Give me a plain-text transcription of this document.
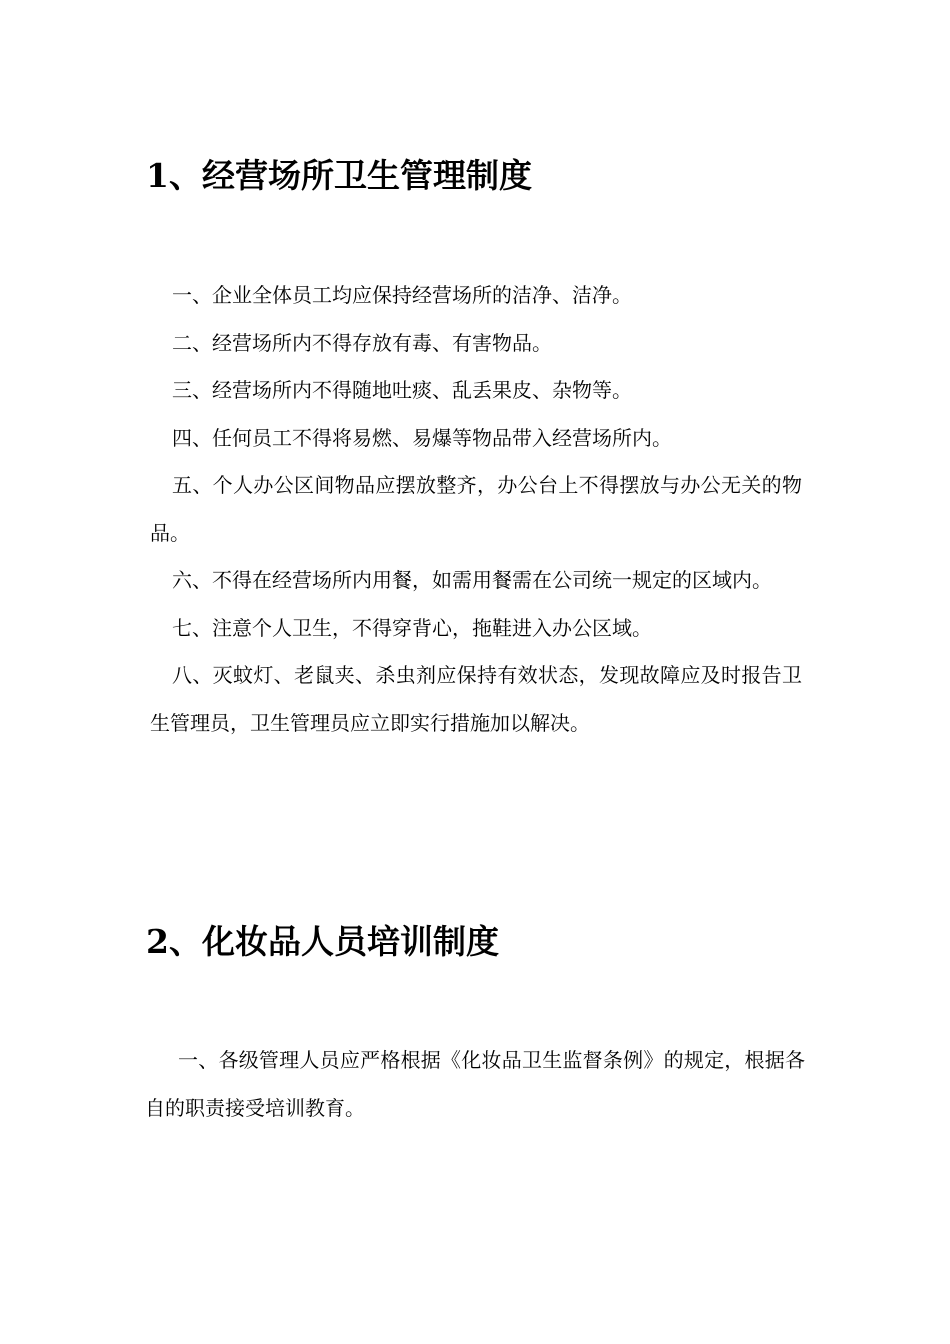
1、经营场所卫生管理制度

一、企业全体员工均应保持经营场所的洁净、洁净。

二、经营场所内不得存放有毒、有害物品。

三、经营场所内不得随地吐痰、乱丢果皮、杂物等。

四、任何员工不得将易燃、易爆等物品带入经营场所内。

五、个人办公区间物品应摆放整齐，办公台上不得摆放与办公无关的物品。

六、不得在经营场所内用餐，如需用餐需在公司统一规定的区域内。

七、注意个人卫生，不得穿背心，拖鞋进入办公区域。

八、灭蚊灯、老鼠夹、杀虫剂应保持有效状态，发现故障应及时报告卫生管理员，卫生管理员应立即实行措施加以解决。

2、化妆品人员培训制度

一、各级管理人员应严格根据《化妆品卫生监督条例》的规定，根据各自的职责接受培训教育。
